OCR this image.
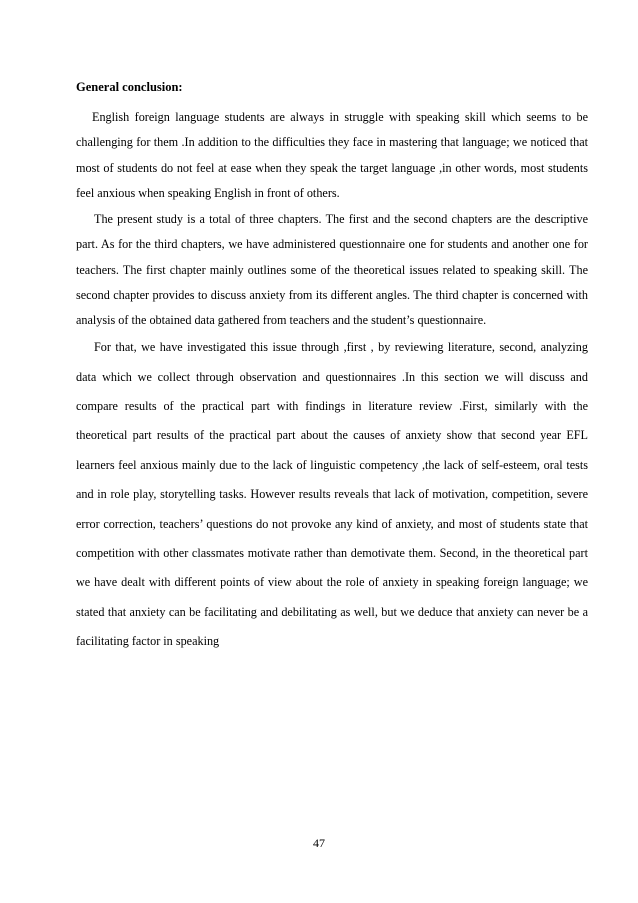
General conclusion:

English foreign language students are always in struggle with speaking skill which seems to be challenging for them .In addition to the difficulties they face in mastering that language; we noticed that most of students do not feel at ease when they speak the target language ,in other words, most students feel anxious when speaking English in front of others.

The present study is a total of three chapters. The first and the second chapters are the descriptive part. As for the third chapters, we have administered questionnaire one for students and another one for teachers. The first chapter mainly outlines some of the theoretical issues related to speaking skill. The second chapter provides to discuss anxiety from its different angles. The third chapter is concerned with analysis of the obtained data gathered from teachers and the student’s questionnaire.

For that, we have investigated this issue through ,first , by reviewing literature, second, analyzing data which we collect through observation and questionnaires .In this section we will discuss and compare results of the practical part with findings in literature review .First, similarly with the theoretical part results of the practical part about the causes of anxiety show that second year EFL learners feel anxious mainly due to the lack of linguistic competency ,the lack of self-esteem, oral tests and in role play, storytelling tasks. However results reveals that lack of motivation, competition, severe error correction, teachers’ questions do not provoke any kind of anxiety, and most of students state that competition with other classmates motivate rather than demotivate them. Second, in the theoretical part we have dealt with different points of view about the role of anxiety in speaking foreign language; we stated that anxiety can be facilitating and debilitating as well, but we deduce that anxiety can never be a facilitating factor in speaking

47
